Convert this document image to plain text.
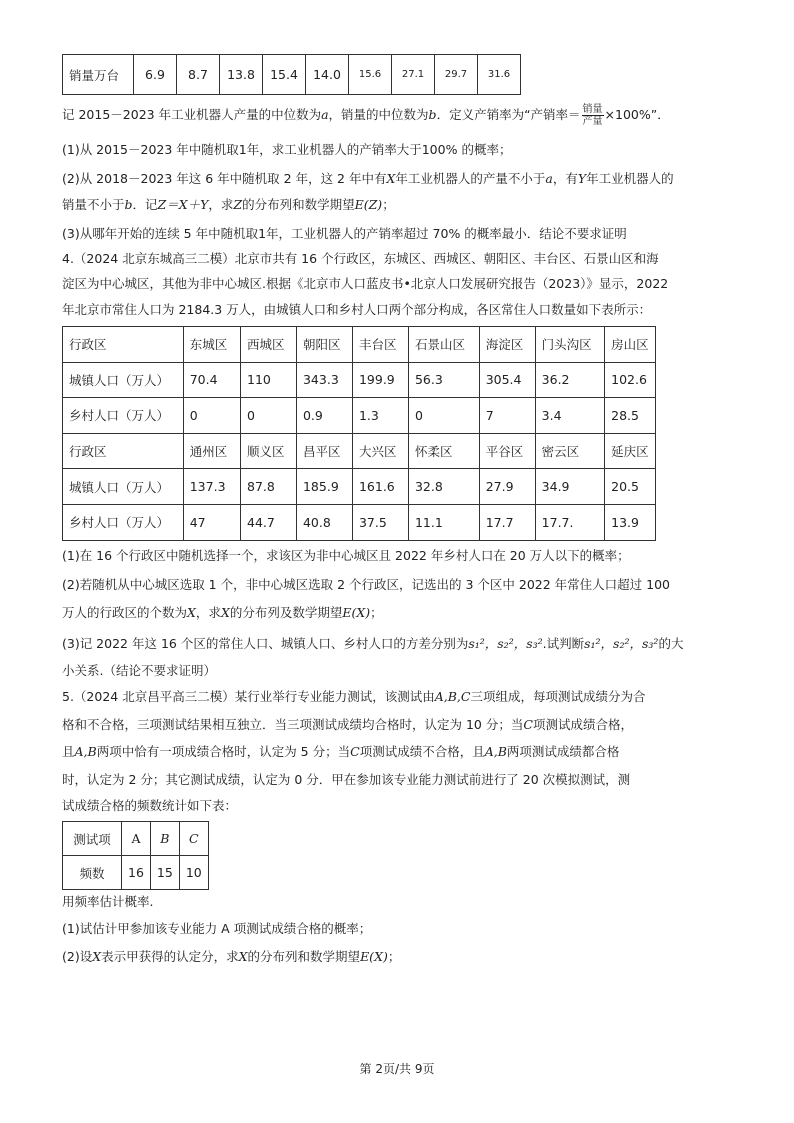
销量万台	6.9	8.7	13.8	15.4	14.0	15.6	27.1	29.7	31.6
记 2015－2023 年工业机器人产量的中位数为a，销量的中位数为b．定义产销率为“产销率＝ $\frac{\text{销量}}{\text{产量}} \times 100\%$”．
(1)从 2015－2023 年中随机取1年，求工业机器人的产销率大于100% 的概率；
(2)从 2018－2023 年这 6 年中随机取 2 年，这 2 年中有X年工业机器人的产量不小于a，有Y年工业机器人的
销量不小于b．记Z＝X＋Y，求Z的分布列和数学期望E(Z)；
(3)从哪年开始的连续 5 年中随机取1年，工业机器人的产销率超过 70% 的概率最小．结论不要求证明
4.（2024 北京东城高三二模）北京市共有 16 个行政区，东城区、西城区、朝阳区、丰台区、石景山区和海
淀区为中心城区，其他为非中心城区.根据《北京市人口蓝皮书•北京人口发展研究报告（2023）》显示，2022
年北京市常住人口为 2184.3 万人，由城镇人口和乡村人口两个部分构成，各区常住人口数量如下表所示：
行政区	东城区	西城区	朝阳区	丰台区	石景山区	海淀区	门头沟区	房山区
城镇人口（万人）	70.4	110	343.3	199.9	56.3	305.4	36.2	102.6
乡村人口（万人）	0	0	0.9	1.3	0	7	3.4	28.5
行政区	通州区	顺义区	昌平区	大兴区	怀柔区	平谷区	密云区	延庆区
城镇人口（万人）	137.3	87.8	185.9	161.6	32.8	27.9	34.9	20.5
乡村人口（万人）	47	44.7	40.8	37.5	11.1	17.7	17.7.	13.9
(1)在 16 个行政区中随机选择一个，求该区为非中心城区且 2022 年乡村人口在 20 万人以下的概率；
(2)若随机从中心城区选取 1 个，非中心城区选取 2 个行政区，记选出的 3 个区中 2022 年常住人口超过 100
万人的行政区的个数为X，求X的分布列及数学期望E(X)；
(3)记 2022 年这 16 个区的常住人口、城镇人口、乡村人口的方差分别为s₁²，s₂²，s₃².试判断s₁²，s₂²，s₃²的大
小关系.（结论不要求证明）
5.（2024 北京昌平高三二模）某行业举行专业能力测试，该测试由A,B,C三项组成，每项测试成绩分为合
格和不合格，三项测试结果相互独立．当三项测试成绩均合格时，认定为 10 分；当C项测试成绩合格，
且A,B两项中恰有一项成绩合格时，认定为 5 分；当C项测试成绩不合格，且A,B两项测试成绩都合格
时，认定为 2 分；其它测试成绩，认定为 0 分．甲在参加该专业能力测试前进行了 20 次模拟测试，测
试成绩合格的频数统计如下表：
测试项	A	B	C
频数	16	15	10
用频率估计概率.
(1)试估计甲参加该专业能力 A 项测试成绩合格的概率；
(2)设X表示甲获得的认定分，求X的分布列和数学期望E(X)；
第 2页/共 9页
